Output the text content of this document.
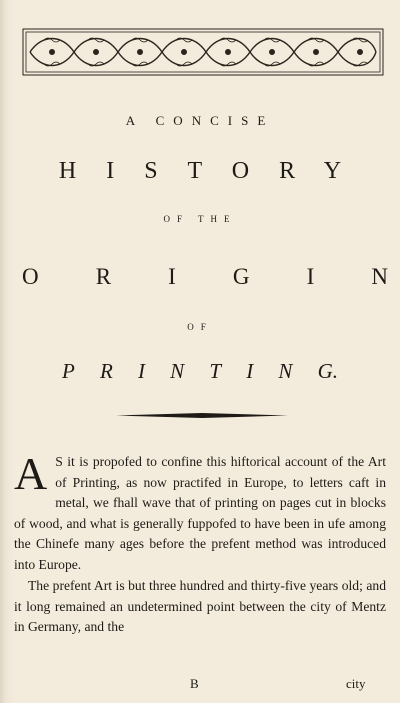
A CONCISE
HISTORY
OF THE
O R I G I N
OF
P R I N T I N G.
A S it is propofed to confine this hiftorical account of the Art of Printing, as now practifed in Europe, to letters caft in metal, we fhall wave that of printing on pages cut in blocks of wood, and what is generally fuppofed to have been in ufe among the Chinefe many ages before the prefent method was introduced into Europe.
The prefent Art is but three hundred and thirty-five years old; and it long remained an undetermined point between the city of Mentz in Germany, and the
B	city
